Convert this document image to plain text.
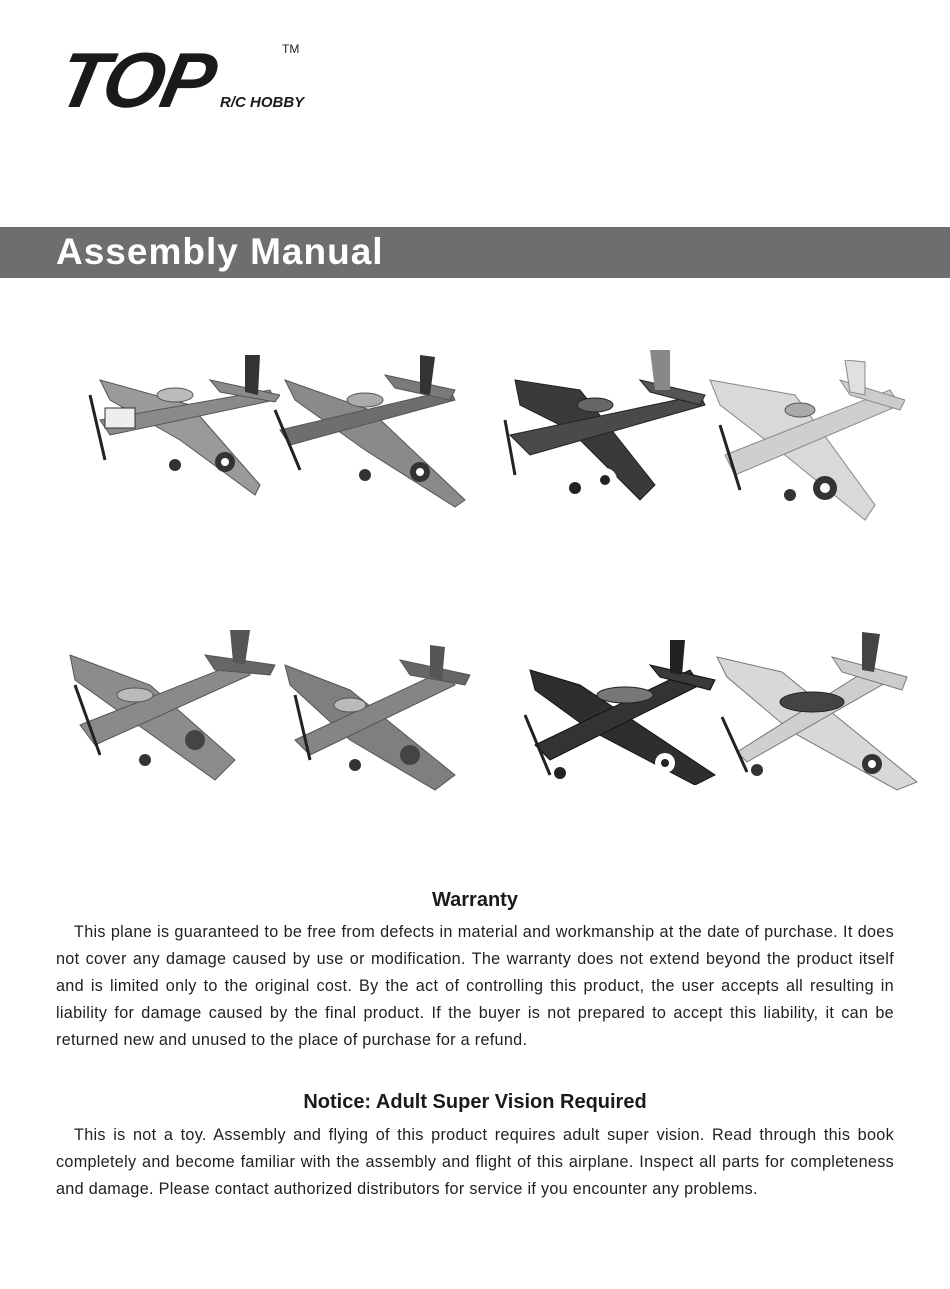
TOP
R/C HOBBY
TM
Assembly Manual
Warranty
This plane is guaranteed to be free from defects in material and workmanship at the date of purchase. It does not cover any damage caused by use or modification. The warranty does not extend beyond the product itself and is limited only to the original cost. By the act of controlling this product, the user accepts all resulting in liability for damage caused by the final product. If the buyer is not prepared to accept this liability, it can be returned new and unused to the place of purchase for a refund.
Notice: Adult Super Vision Required
This is not a toy. Assembly and flying of this product requires adult super vision. Read through this book completely and become familiar with the assembly and flight of this airplane. Inspect all parts for completeness and damage. Please contact authorized distributors for service if you encounter any problems.
